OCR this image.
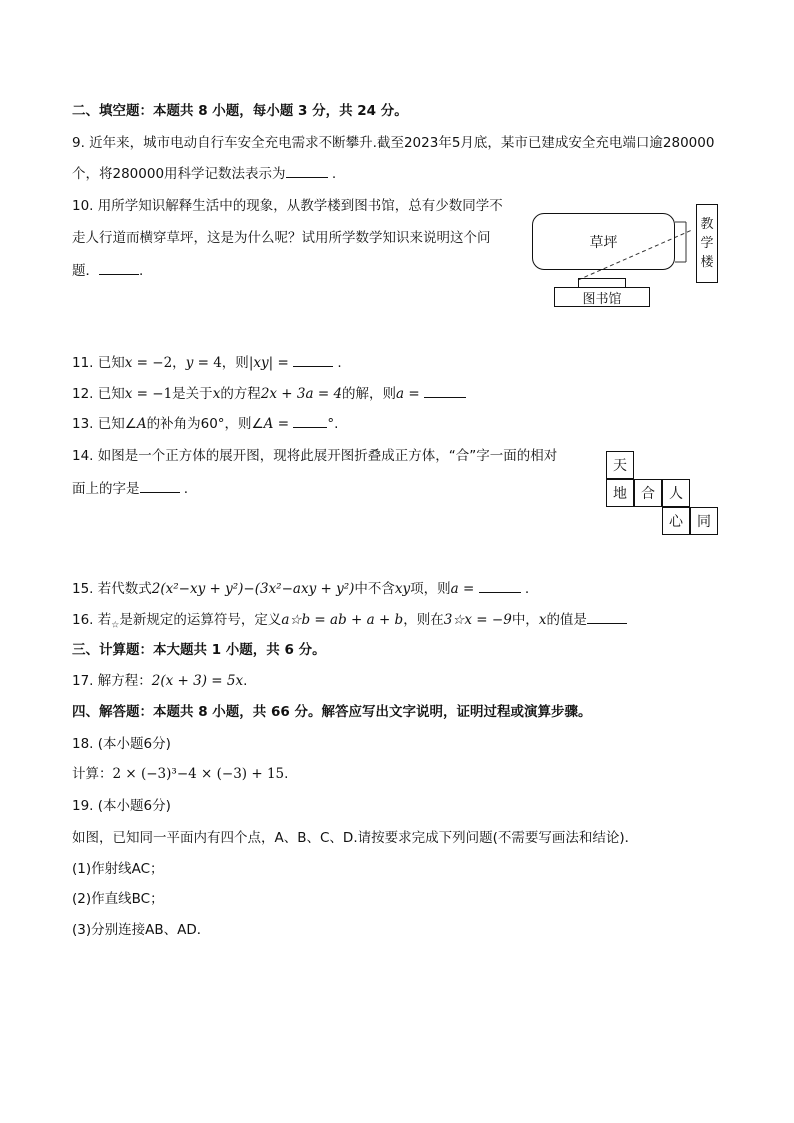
二、填空题：本题共 8 小题，每小题 3 分，共 24 分。
9. 近年来，城市电动自行车安全充电需求不断攀升.截至2023年5月底，某市已建成安全充电端口逾280000
个，将280000用科学记数法表示为	.
10. 用所学知识解释生活中的现象，从教学楼到图书馆，总有少数同学不
走人行道而横穿草坪，这是为什么呢？试用所学数学知识来说明这个问
题．	.
草坪
教
学
楼
图书馆
11. 已知x = −2，y = 4，则|xy| =	.
12. 已知x = −1是关于x的方程2x + 3a = 4的解，则a =
13. 已知∠A的补角为60°，则∠A =	°.
14. 如图是一个正方体的展开图，现将此展开图折叠成正方体，“合”字一面的相对
面上的字是	.
天
地	合	人
心	同
15. 若代数式2(x²−xy + y²)−(3x²−axy + y²)中不含xy项，则a =	.
16. 若$_☆$是新规定的运算符号，定义a☆b = ab + a + b，则在3☆x = −9中，x的值是
三、计算题：本大题共 1 小题，共 6 分。
17. 解方程：2(x + 3) = 5x.
四、解答题：本题共 8 小题，共 66 分。解答应写出文字说明，证明过程或演算步骤。
18. (本小题6分)
计算：2 × (−3)³−4 × (−3) + 15.
19. (本小题6分)
如图，已知同一平面内有四个点，A、B、C、D.请按要求完成下列问题(不需要写画法和结论)．
(1)作射线AC；
(2)作直线BC；
(3)分别连接AB、AD．
